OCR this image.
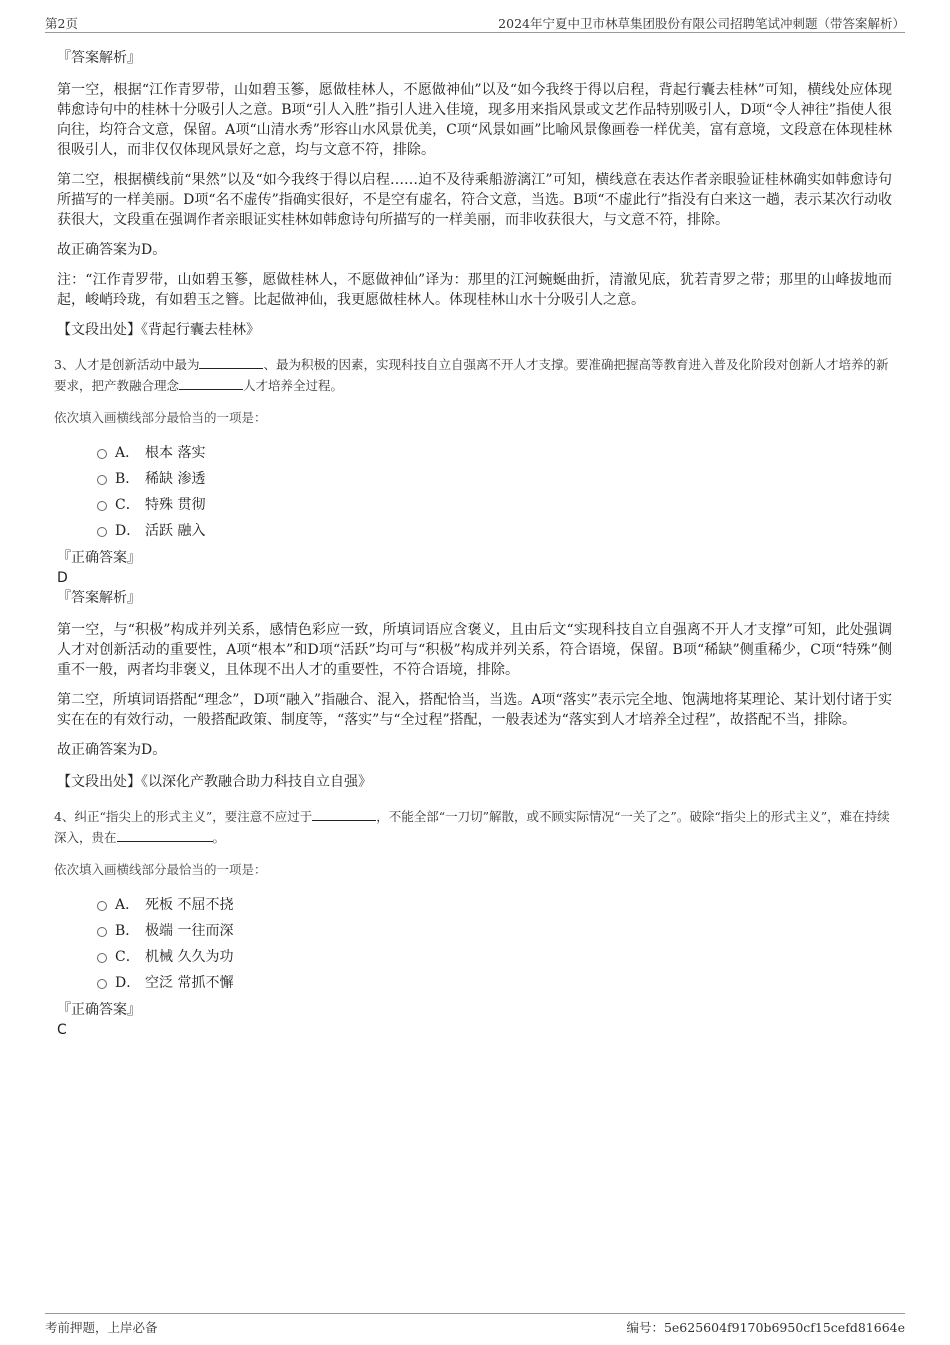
第2页	2024年宁夏中卫市林草集团股份有限公司招聘笔试冲刺题（带答案解析）

『答案解析』

第一空，根据“江作青罗带，山如碧玉篸，愿做桂林人，不愿做神仙”以及“如今我终于得以启程，背起行囊去桂林”可知，横线处应体现韩愈诗句中的桂林十分吸引人之意。B项“引人入胜”指引人进入佳境，现多用来指风景或文艺作品特别吸引人，D项“令人神往”指使人很向往，均符合文意，保留。A项“山清水秀”形容山水风景优美，C项“风景如画”比喻风景像画卷一样优美，富有意境，文段意在体现桂林很吸引人，而非仅仅体现风景好之意，均与文意不符，排除。

第二空，根据横线前“果然”以及“如今我终于得以启程……迫不及待乘船游漓江”可知，横线意在表达作者亲眼验证桂林确实如韩愈诗句所描写的一样美丽。D项“名不虚传”指确实很好，不是空有虚名，符合文意，当选。B项“不虚此行”指没有白来这一趟，表示某次行动收获很大，文段重在强调作者亲眼证实桂林如韩愈诗句所描写的一样美丽，而非收获很大，与文意不符，排除。

故正确答案为D。

注：“江作青罗带，山如碧玉篸，愿做桂林人，不愿做神仙”译为：那里的江河蜿蜒曲折，清澈见底，犹若青罗之带；那里的山峰拔地而起，峻峭玲珑，有如碧玉之簪。比起做神仙，我更愿做桂林人。体现桂林山水十分吸引人之意。

【文段出处】《背起行囊去桂林》

3、人才是创新活动中最为	、最为积极的因素，实现科技自立自强离不开人才支撑。要准确把握高等教育进入普及化阶段对创新人才培养的新要求，把产教融合理念	人才培养全过程。

依次填入画横线部分最恰当的一项是：

A． 根本 落实
B． 稀缺 渗透
C． 特殊 贯彻
D． 活跃 融入

『正确答案』

D

『答案解析』

第一空，与“积极”构成并列关系，感情色彩应一致，所填词语应含褒义，且由后文“实现科技自立自强离不开人才支撑”可知，此处强调人才对创新活动的重要性，A项“根本”和D项“活跃”均可与“积极”构成并列关系，符合语境，保留。B项“稀缺”侧重稀少，C项“特殊”侧重不一般，两者均非褒义，且体现不出人才的重要性，不符合语境，排除。

第二空，所填词语搭配“理念”，D项“融入”指融合、混入，搭配恰当，当选。A项“落实”表示完全地、饱满地将某理论、某计划付诸于实实在在的有效行动，一般搭配政策、制度等，“落实”与“全过程”搭配，一般表述为“落实到人才培养全过程”，故搭配不当，排除。

故正确答案为D。

【文段出处】《以深化产教融合助力科技自立自强》

4、纠正“指尖上的形式主义”，要注意不应过于	，不能全部“一刀切”解散，或不顾实际情况“一关了之”。破除“指尖上的形式主义”，难在持续深入，贵在	。

依次填入画横线部分最恰当的一项是：

A． 死板 不屈不挠
B． 极端 一往而深
C． 机械 久久为功
D． 空泛 常抓不懈

『正确答案』

C

考前押题，上岸必备	编号：5e625604f9170b6950cf15cefd81664e
